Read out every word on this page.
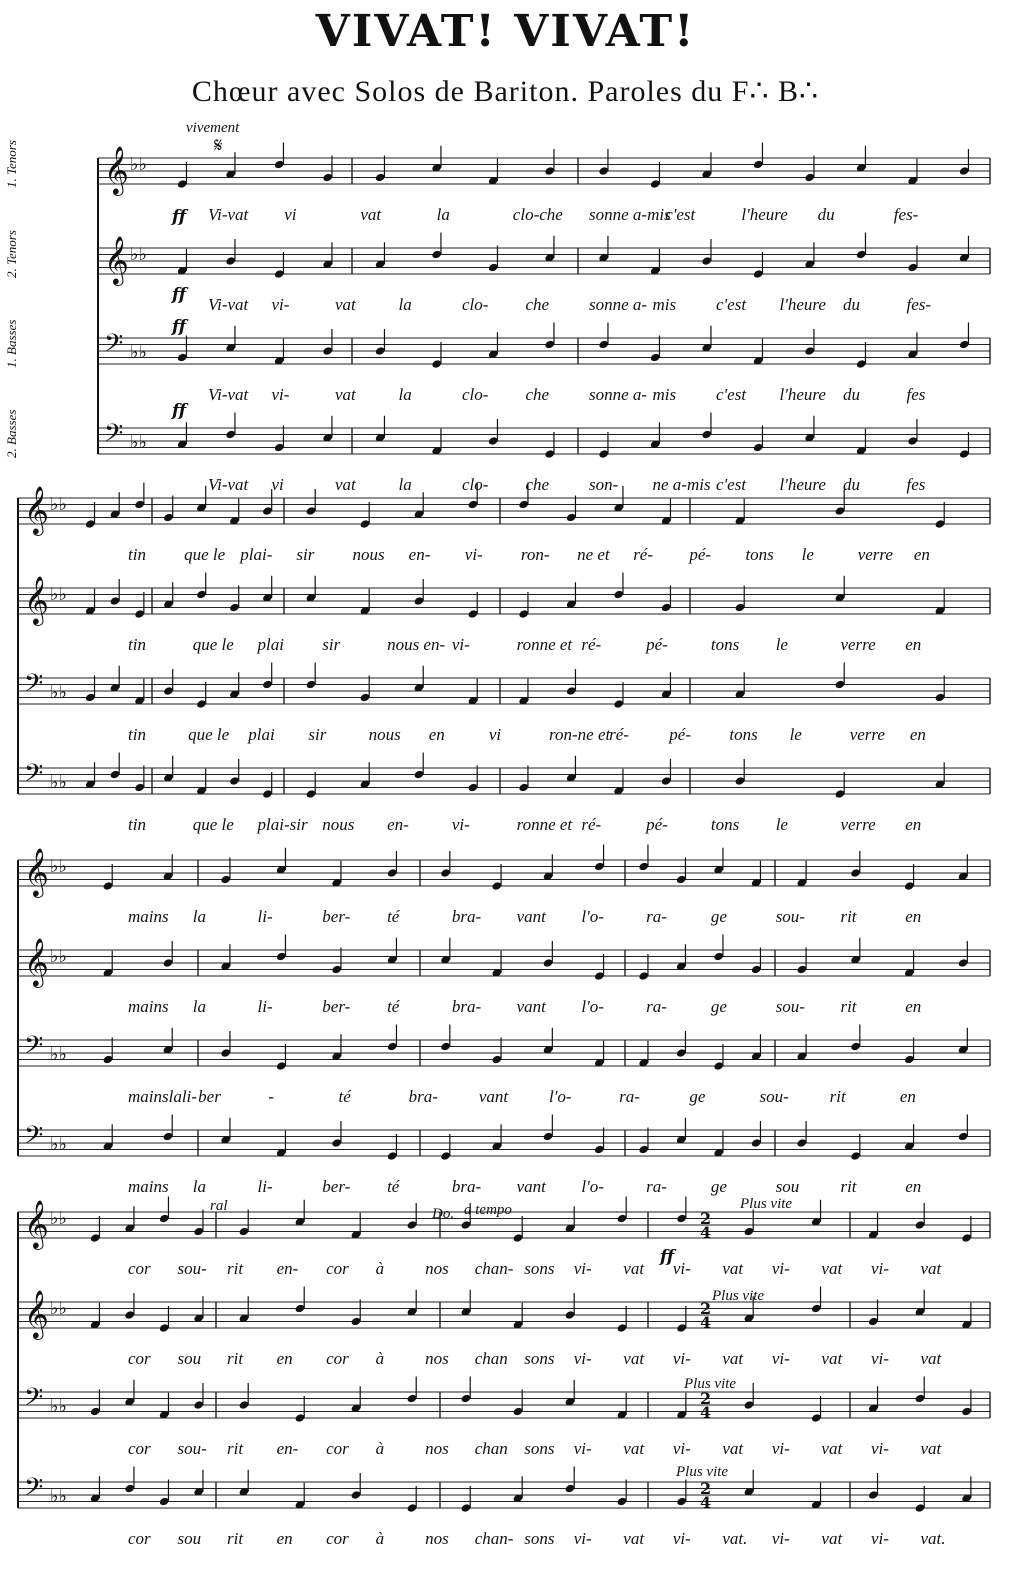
VIVAT! VIVAT!
Chœur avec Solos de Bariton. Paroles du F∴ B∴
vivement
𝄋
𝄞 ♭♭
Vi-vat vi	vat	la	clo-che sonne a-mis
c'est	l'heure du	fes-
𝄞 ♭♭
Vi-vat vi-	vat	la	clo- che sonne a- mis c'est l'heure du	fes-
𝄢 ♭♭
Vi-vat vi-	vat	la	clo- che sonne a- mis c'est l'heure du	fes
𝄢 ♭♭
Vi-vat vi	vat	la	clo- che son- ne a-mis c'est l'heure du	fes
𝄞 ♭♭
tin que le plai- sir nous en- vi- ron- ne et ré- pé- tons le	verre en
𝄞 ♭♭
tin	que le plai sir	nous en- vi-	ronne et ré-	pé-	tons le	verre en
𝄢 ♭♭
tin que le plai sir nous en	vi	ron-ne et
ré- pé- tons le	verre en
𝄢 ♭♭
tin	que le plai-sir nous en-	vi-	ronne et ré-	pé-	tons le	verre en
𝄞 ♭♭
mains la	li-	ber- té	bra- vant l'o- ra-	ge	sou- rit	en
𝄞 ♭♭
mains la	li-	ber- té	bra- vant l'o- ra-	ge	sou- rit	en
𝄢 ♭♭
mainslali- ber	-	té	bra- vant l'o-	ra-	ge	sou- rit	en
𝄢 ♭♭
mains la	li-	ber- té	bra- vant l'o- ra-	ge	sou rit	en
𝄞 ♭♭
cor sou- rit en- cor à nos chan- sons vi- vat vi- vat vi- vat vi- vat
𝄞 ♭♭
cor sou rit en cor à nos chan sons vi- vat vi- vat vi- vat vi- vat
𝄢 ♭♭
cor sou- rit en- cor à nos chan sons vi- vat vi- vat vi- vat vi- vat
𝄢 ♭♭
cor sou rit en cor à nos chan- sons vi- vat vi- vat. vi- vat vi- vat.
1. Tenors
2. Tenors
1. Basses
2. Basses
ff
ff
ff
ff
ral	Do. a tempo
ff
Plus vite
Plus vite
Plus vite
Plus vite
2
4
2
4
2
4
2
4
